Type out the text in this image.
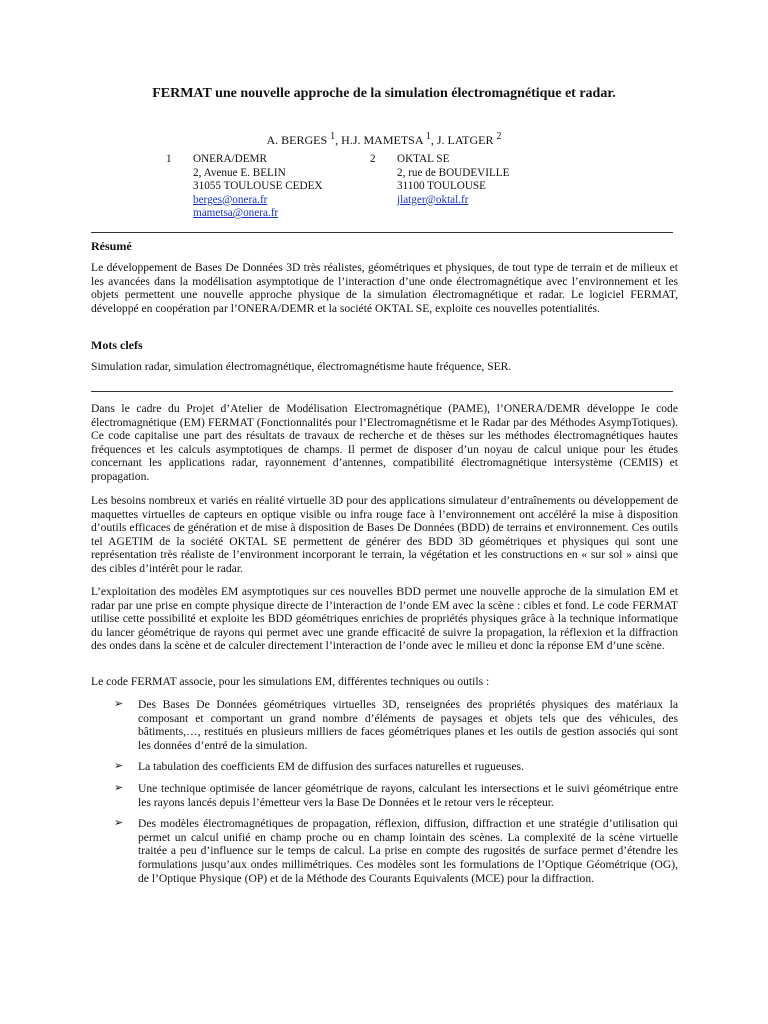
FERMAT une nouvelle approche de la simulation électromagnétique et radar.
A. BERGES $^1$, H.J. MAMETSA $^1$, J. LATGER $^2$
1 ONERA/DEMR
2, Avenue E. BELIN
31055 TOULOUSE CEDEX
berges@onera.fr
mametsa@onera.fr
2 OKTAL SE
2, rue de BOUDEVILLE
31100 TOULOUSE
jlatger@oktal.fr
Résumé
Le développement de Bases De Données 3D très réalistes, géométriques et physiques, de tout type de terrain et de milieux et les avancées dans la modélisation asymptotique de l’interaction d’une onde électromagnétique avec l’environnement et les objets permettent une nouvelle approche physique de la simulation électromagnétique et radar. Le logiciel FERMAT, développé en coopération par l’ONERA/DEMR et la société OKTAL SE, exploite ces nouvelles potentialités.
Mots clefs
Simulation radar, simulation électromagnétique, électromagnétisme haute fréquence, SER.
Dans le cadre du Projet d’Atelier de Modélisation Electromagnétique (PAME), l’ONERA/DEMR développe le code électromagnétique (EM) FERMAT (Fonctionnalités pour l’Electromagnétisme et le Radar par des Méthodes AsympTotiques). Ce code capitalise une part des résultats de travaux de recherche et de thèses sur les méthodes électromagnétiques hautes fréquences et les calculs asymptotiques de champs. Il permet de disposer d’un noyau de calcul unique pour les études concernant les applications radar, rayonnement d’antennes, compatibilité électromagnétique intersystème (CEMIS) et propagation.
Les besoins nombreux et variés en réalité virtuelle 3D pour des applications simulateur d’entraînements ou développement de maquettes virtuelles de capteurs en optique visible ou infra rouge face à l’environnement ont accéléré la mise à disposition d’outils efficaces de génération et de mise à disposition de Bases De Données (BDD) de terrains et environnement. Ces outils tel AGETIM de la société OKTAL SE permettent de générer des BDD 3D géométriques et physiques qui sont une représentation très réaliste de l’environment incorporant le terrain, la végétation et les constructions en « sur sol » ainsi que des cibles d’intérêt pour le radar.
L’exploitation des modèles EM asymptotiques sur ces nouvelles BDD permet une nouvelle approche de la simulation EM et radar par une prise en compte physique directe de l’interaction de l’onde EM avec la scène : cibles et fond. Le code FERMAT utilise cette possibilité et exploite les BDD géométriques enrichies de propriétés physiques grâce à la technique informatique du lancer géométrique de rayons qui permet avec une grande efficacité de suivre la propagation, la réflexion et la diffraction des ondes dans la scène et de calculer directement l’interaction de l’onde avec le milieu et donc la réponse EM d’une scène.
Le code FERMAT associe, pour les simulations EM, différentes techniques ou outils :
➢ Des Bases De Données géométriques virtuelles 3D, renseignées des propriétés physiques des matériaux la composant et comportant un grand nombre d’éléments de paysages et objets tels que des véhicules, des bâtiments,…, restitués en plusieurs milliers de faces géométriques planes et les outils de gestion associés qui sont les données d’entré de la simulation.
➢ La tabulation des coefficients EM de diffusion des surfaces naturelles et rugueuses.
➢ Une technique optimisée de lancer géométrique de rayons, calculant les intersections et le suivi géométrique entre les rayons lancés depuis l’émetteur vers la Base De Données et le retour vers le récepteur.
➢ Des modèles électromagnétiques de propagation, réflexion, diffusion, diffraction et une stratégie d’utilisation qui permet un calcul unifié en champ proche ou en champ lointain des scènes. La complexité de la scène virtuelle traitée a peu d’influence sur le temps de calcul. La prise en compte des rugosités de surface permet d’étendre les formulations jusqu’aux ondes millimétriques. Ces modèles sont les formulations de l’Optique Géométrique (OG), de l’Optique Physique (OP) et de la Méthode des Courants Equivalents (MCE) pour la diffraction.
